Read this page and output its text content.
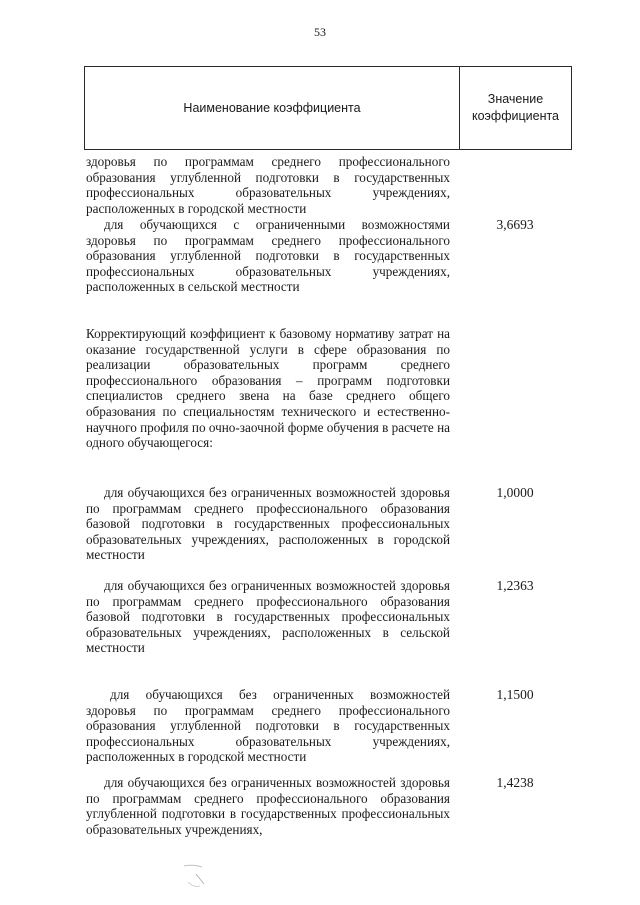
53
Наименование коэффициента
Значение
коэффициента
здоровья по программам среднего профессионального образования углубленной подготовки в государственных профессиональных образовательных учреждениях, расположенных в городской местности
для обучающихся с ограниченными возможностями здоровья по программам среднего профессионального образования углубленной подготовки в государственных профессиональных образовательных учреждениях, расположенных в сельской местности
3,6693
Корректирующий коэффициент к базовому нормативу затрат на оказание государственной услуги в сфере образования по реализации образовательных программ среднего профессионального образования – программ подготовки специалистов среднего звена на базе среднего общего образования по специальностям технического и естественно-научного профиля по очно-заочной форме обучения в расчете на одного обучающегося:
для обучающихся без ограниченных возможностей здоровья по программам среднего профессионального образования базовой подготовки в государственных профессиональных образовательных учреждениях, расположенных в городской местности
1,0000
для обучающихся без ограниченных возможностей здоровья по программам среднего профессионального образования базовой подготовки в государственных профессиональных образовательных учреждениях, расположенных в сельской местности
1,2363
для обучающихся без ограниченных возможностей здоровья по программам среднего профессионального образования углубленной подготовки в государственных профессиональных образовательных учреждениях, расположенных в городской местности
1,1500
для обучающихся без ограниченных возможностей здоровья по программам среднего профессионального образования углубленной подготовки в государственных профессиональных образовательных учреждениях,
1,4238
